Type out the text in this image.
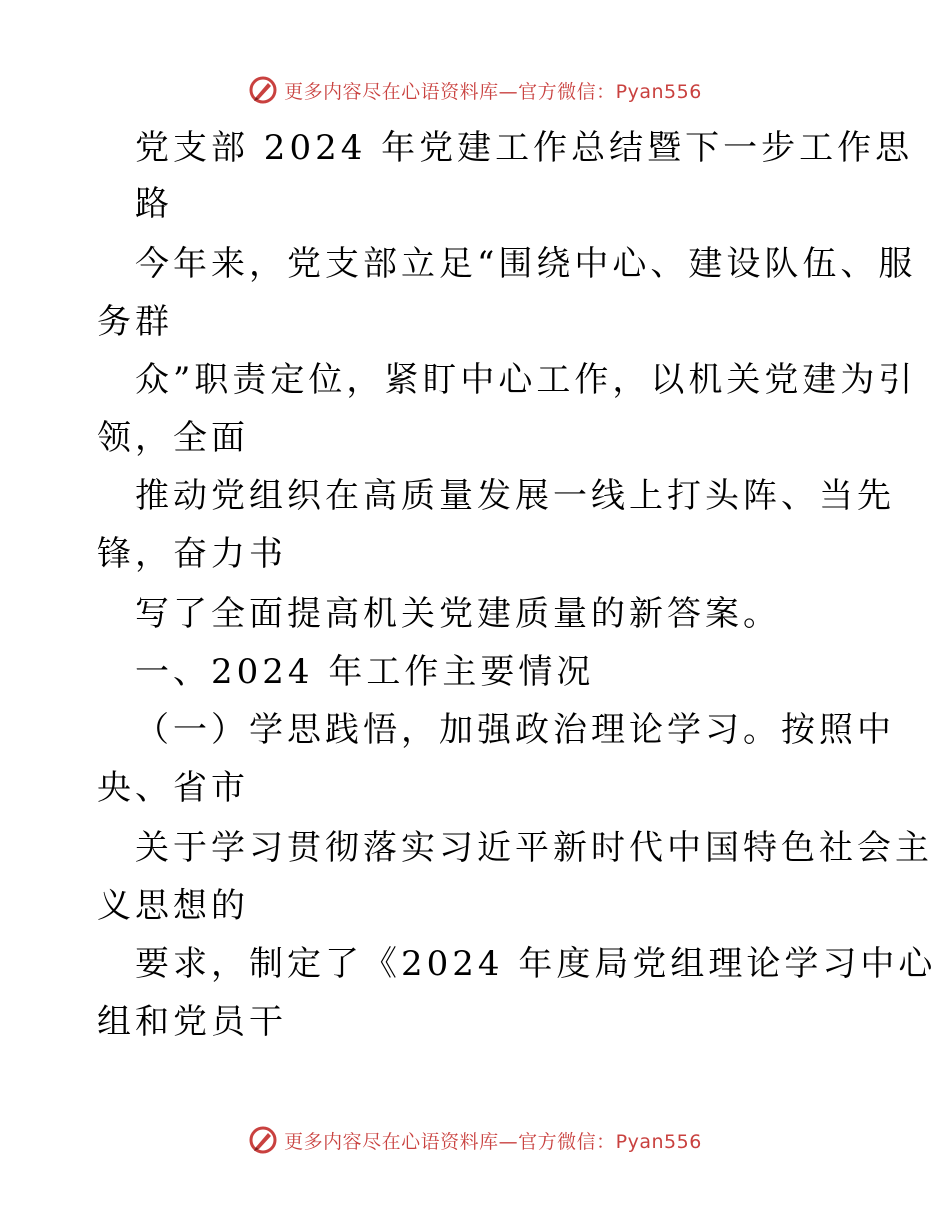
更多内容尽在心语资料库—官方微信：Pyan556
党支部 2024 年党建工作总结暨下一步工作思
路
今年来，党支部立足“围绕中心、建设队伍、服
务群
众”职责定位，紧盯中心工作，以机关党建为引
领，全面
推动党组织在高质量发展一线上打头阵、当先
锋，奋力书
写了全面提高机关党建质量的新答案。
一、2024 年工作主要情况
（一）学思践悟，加强政治理论学习。按照中
央、省市
关于学习贯彻落实习近平新时代中国特色社会主
义思想的
要求，制定了《2024 年度局党组理论学习中心
组和党员干
更多内容尽在心语资料库—官方微信：Pyan556
